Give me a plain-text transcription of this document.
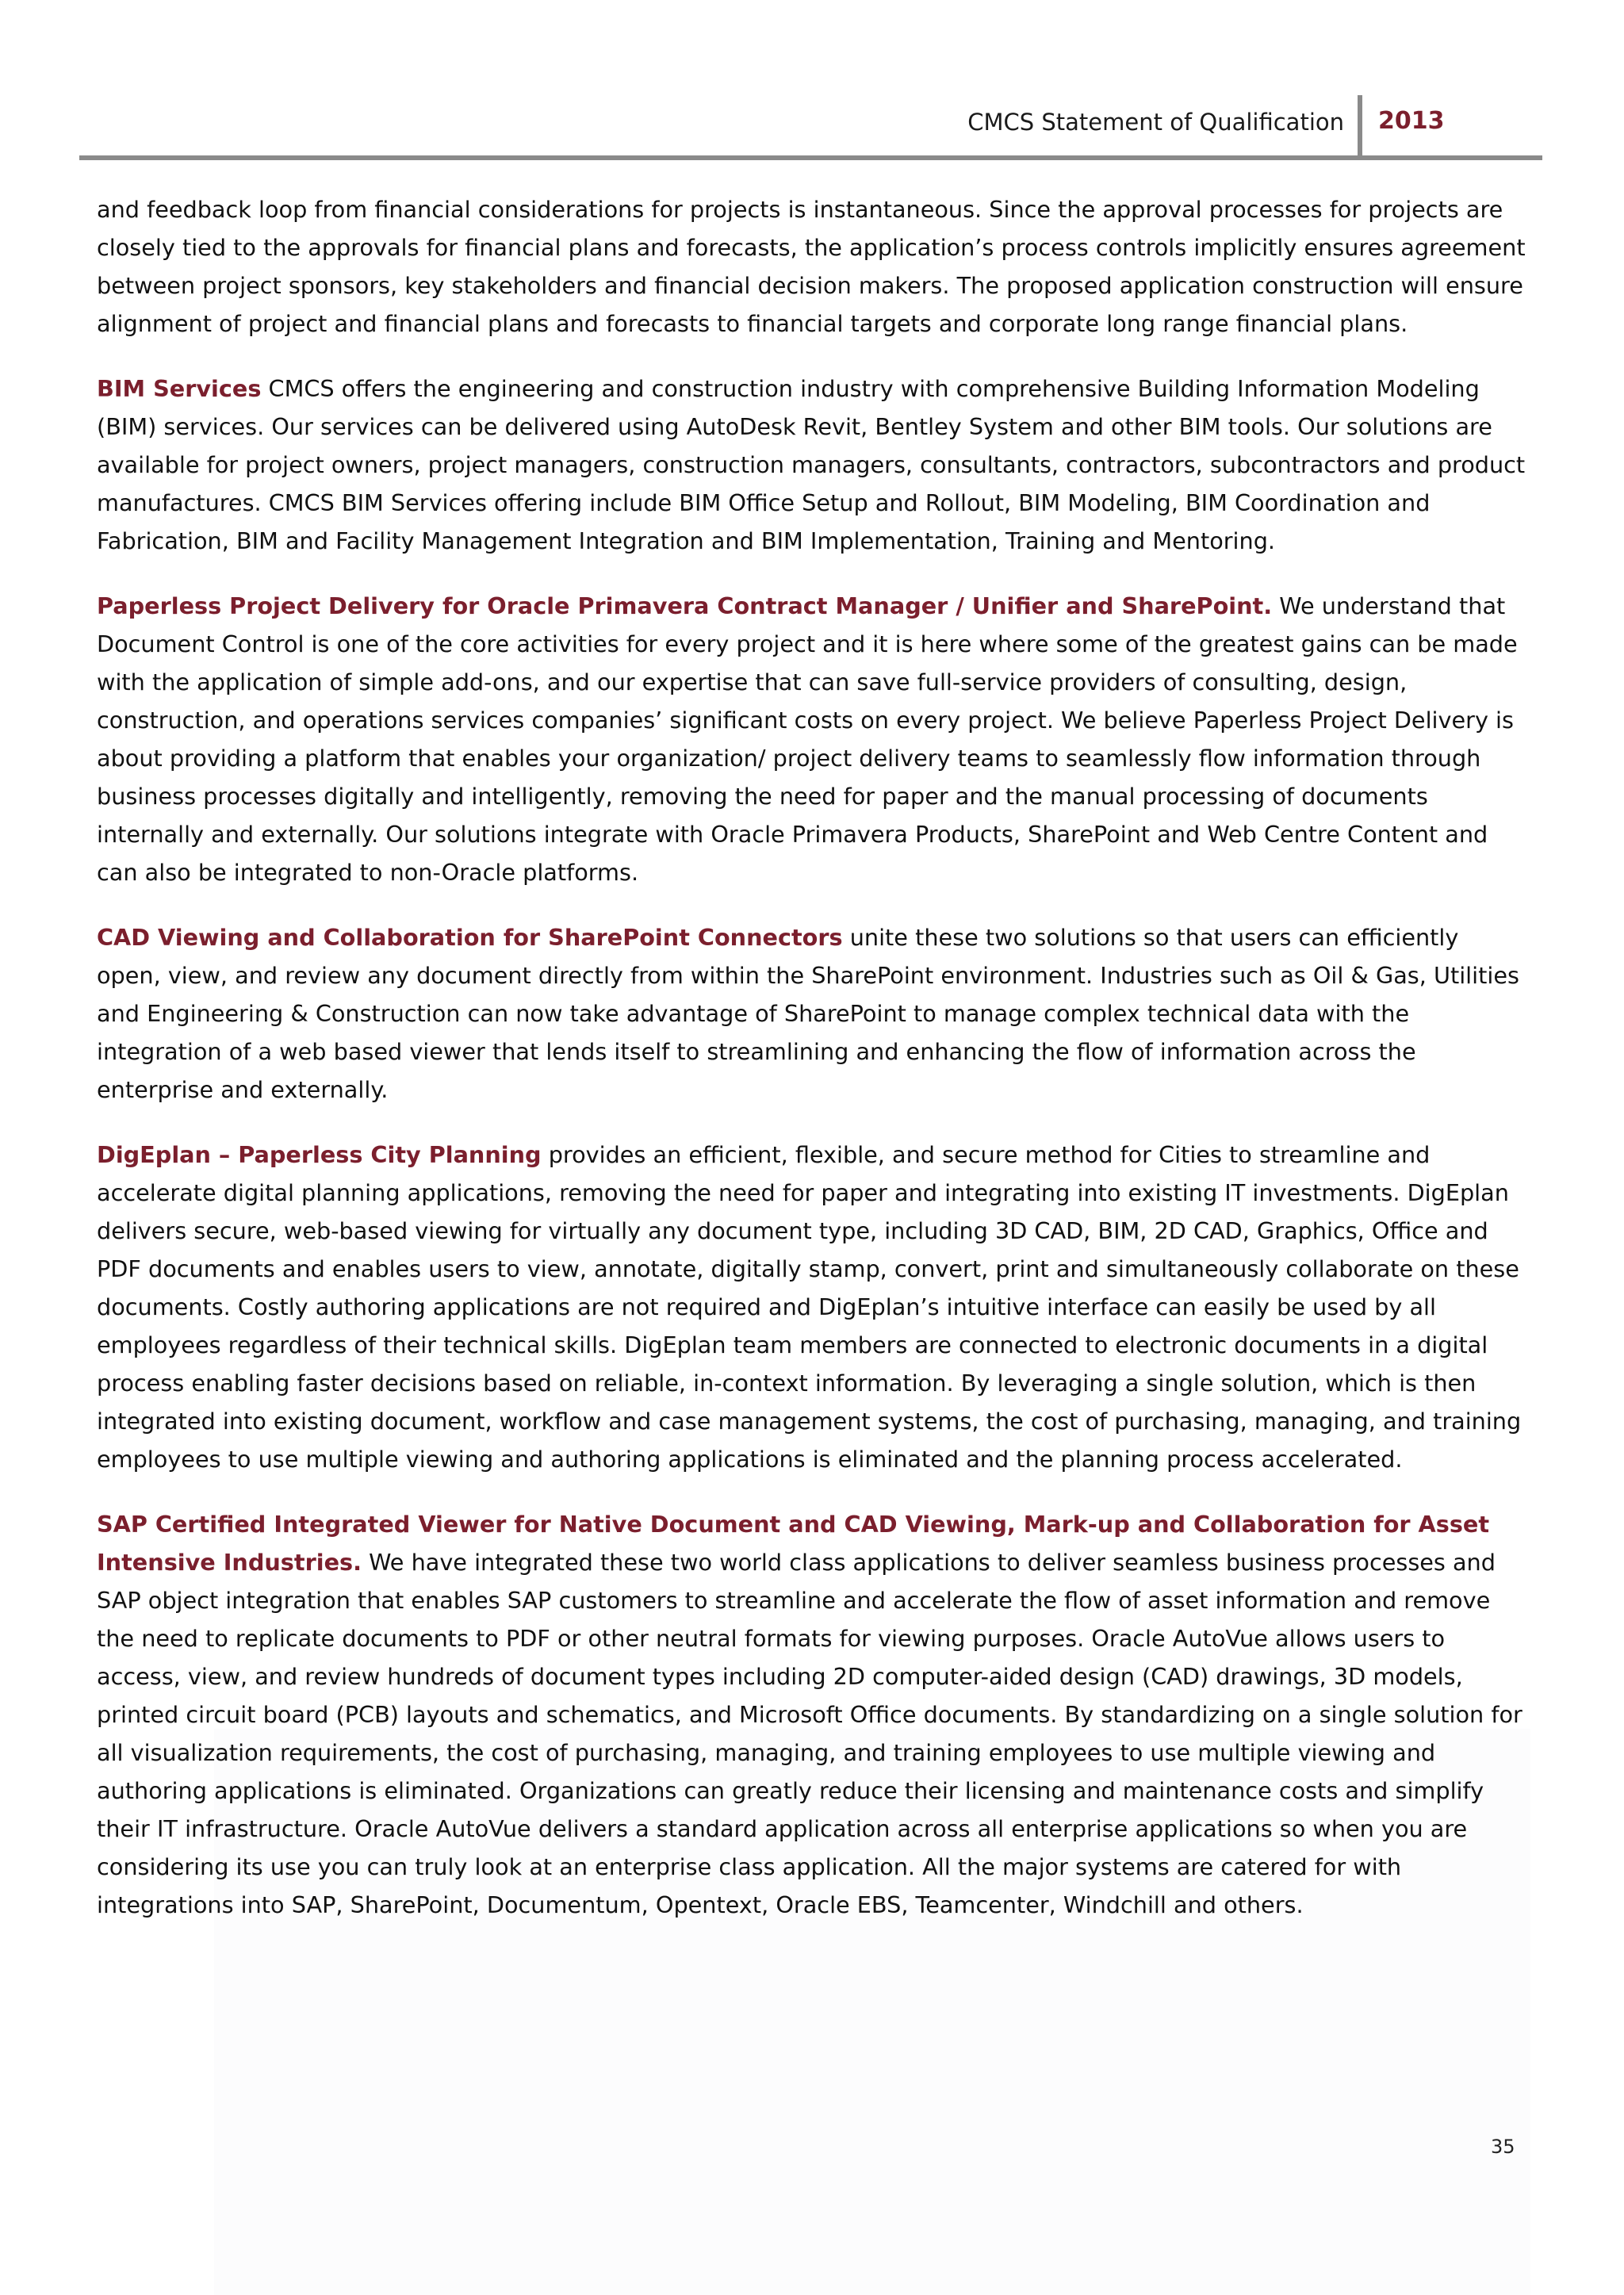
CMCS Statement of Qualification 2013

and feedback loop from financial considerations for projects is instantaneous. Since the approval processes for projects are closely tied to the approvals for financial plans and forecasts, the application’s process controls implicitly ensures agreement between project sponsors, key stakeholders and financial decision makers. The proposed application construction will ensure alignment of project and financial plans and forecasts to financial targets and corporate long range financial plans.

BIM Services CMCS offers the engineering and construction industry with comprehensive Building Information Modeling (BIM) services. Our services can be delivered using AutoDesk Revit, Bentley System and other BIM tools. Our solutions are available for project owners, project managers, construction managers, consultants, contractors, subcontractors and product manufactures. CMCS BIM Services offering include BIM Office Setup and Rollout, BIM Modeling, BIM Coordination and Fabrication, BIM and Facility Management Integration and BIM Implementation, Training and Mentoring.

Paperless Project Delivery for Oracle Primavera Contract Manager / Unifier and SharePoint. We understand that Document Control is one of the core activities for every project and it is here where some of the greatest gains can be made with the application of simple add-ons, and our expertise that can save full-service providers of consulting, design, construction, and operations services companies’ significant costs on every project. We believe Paperless Project Delivery is about providing a platform that enables your organization/ project delivery teams to seamlessly flow information through business processes digitally and intelligently, removing the need for paper and the manual processing of documents internally and externally. Our solutions integrate with Oracle Primavera Products, SharePoint and Web Centre Content and can also be integrated to non-Oracle platforms.

CAD Viewing and Collaboration for SharePoint Connectors unite these two solutions so that users can efficiently open, view, and review any document directly from within the SharePoint environment. Industries such as Oil & Gas, Utilities and Engineering & Construction can now take advantage of SharePoint to manage complex technical data with the integration of a web based viewer that lends itself to streamlining and enhancing the flow of information across the enterprise and externally.

DigEplan – Paperless City Planning provides an efficient, flexible, and secure method for Cities to streamline and accelerate digital planning applications, removing the need for paper and integrating into existing IT investments. DigEplan delivers secure, web-based viewing for virtually any document type, including 3D CAD, BIM, 2D CAD, Graphics, Office and PDF documents and enables users to view, annotate, digitally stamp, convert, print and simultaneously collaborate on these documents. Costly authoring applications are not required and DigEplan’s intuitive interface can easily be used by all employees regardless of their technical skills. DigEplan team members are connected to electronic documents in a digital process enabling faster decisions based on reliable, in-context information. By leveraging a single solution, which is then integrated into existing document, workflow and case management systems, the cost of purchasing, managing, and training employees to use multiple viewing and authoring applications is eliminated and the planning process accelerated.

SAP Certified Integrated Viewer for Native Document and CAD Viewing, Mark-up and Collaboration for Asset Intensive Industries. We have integrated these two world class applications to deliver seamless business processes and SAP object integration that enables SAP customers to streamline and accelerate the flow of asset information and remove the need to replicate documents to PDF or other neutral formats for viewing purposes. Oracle AutoVue allows users to access, view, and review hundreds of document types including 2D computer-aided design (CAD) drawings, 3D models, printed circuit board (PCB) layouts and schematics, and Microsoft Office documents. By standardizing on a single solution for all visualization requirements, the cost of purchasing, managing, and training employees to use multiple viewing and authoring applications is eliminated. Organizations can greatly reduce their licensing and maintenance costs and simplify their IT infrastructure. Oracle AutoVue delivers a standard application across all enterprise applications so when you are considering its use you can truly look at an enterprise class application. All the major systems are catered for with integrations into SAP, SharePoint, Documentum, Opentext, Oracle EBS, Teamcenter, Windchill and others.

35
